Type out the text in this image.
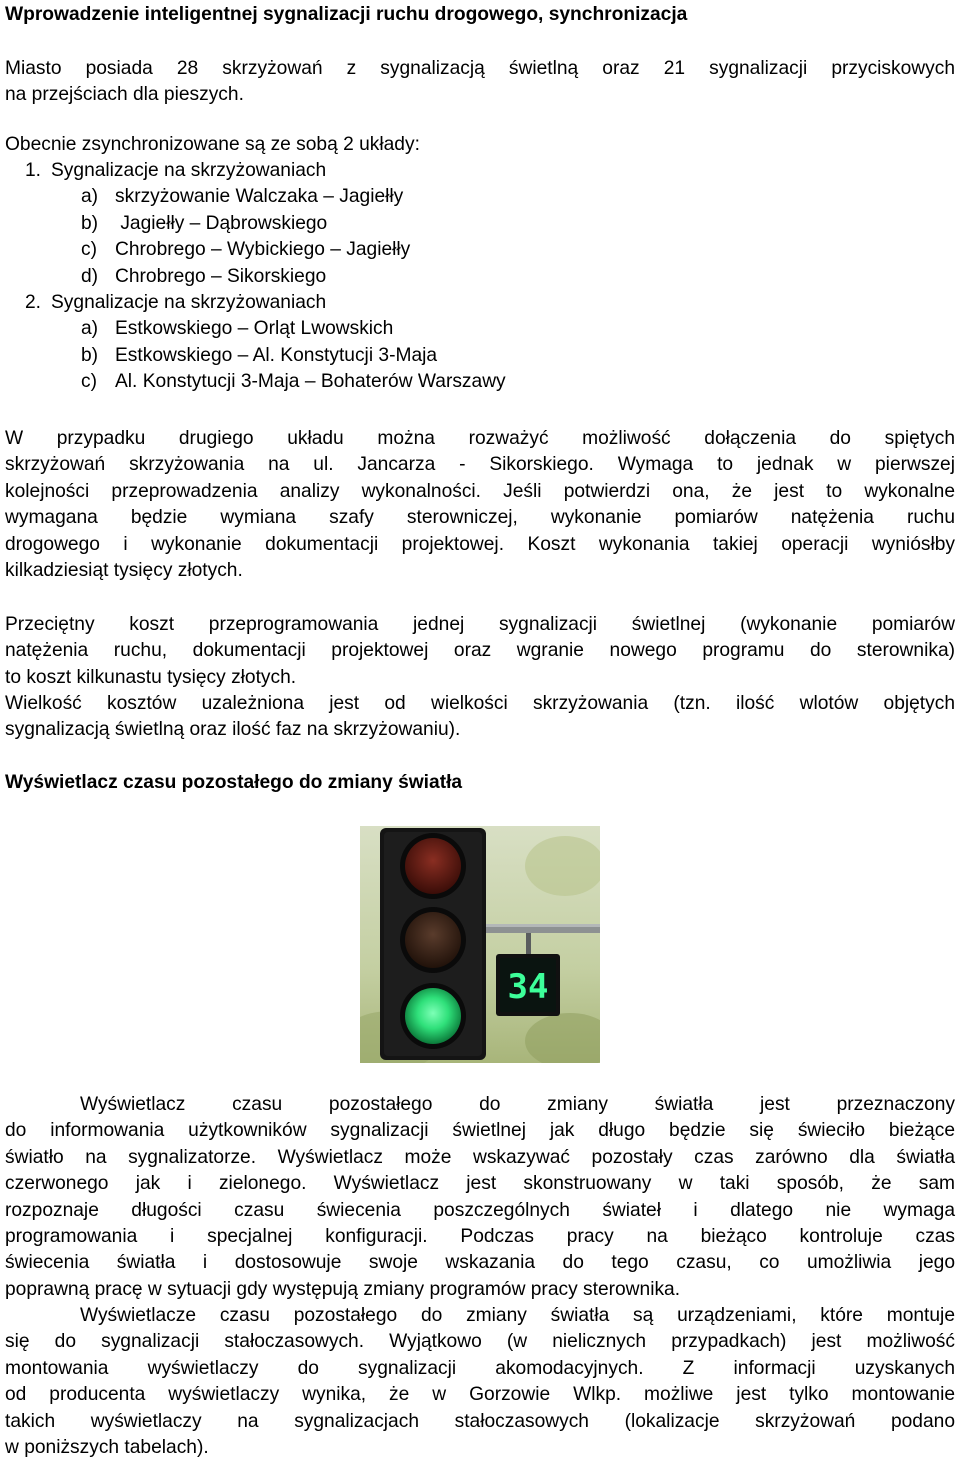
Wprowadzenie inteligentnej sygnalizacji ruchu drogowego, synchronizacja
Miasto posiada 28 skrzyżowań z sygnalizacją świetlną oraz 21 sygnalizacji przyciskowych
na przejściach dla pieszych.
Obecnie zsynchronizowane są ze sobą 2 układy:
1. Sygnalizacje na skrzyżowaniach
a) skrzyżowanie Walczaka – Jagiełły
b) Jagiełły – Dąbrowskiego
c) Chrobrego – Wybickiego – Jagiełły
d) Chrobrego – Sikorskiego
2. Sygnalizacje na skrzyżowaniach
a) Estkowskiego – Orląt Lwowskich
b) Estkowskiego – Al. Konstytucji 3-Maja
c) Al. Konstytucji 3-Maja – Bohaterów Warszawy
W przypadku drugiego układu można rozważyć możliwość dołączenia do spiętych
skrzyżowań skrzyżowania na ul. Jancarza - Sikorskiego. Wymaga to jednak w pierwszej
kolejności przeprowadzenia analizy wykonalności. Jeśli potwierdzi ona, że jest to wykonalne
wymagana będzie wymiana szafy sterowniczej, wykonanie pomiarów natężenia ruchu
drogowego i wykonanie dokumentacji projektowej. Koszt wykonania takiej operacji wyniósłby
kilkadziesiąt tysięcy złotych.
Przeciętny koszt przeprogramowania jednej sygnalizacji świetlnej (wykonanie pomiarów
natężenia ruchu, dokumentacji projektowej oraz wgranie nowego programu do sterownika)
to koszt kilkunastu tysięcy złotych.
Wielkość kosztów uzależniona jest od wielkości skrzyżowania (tzn. ilość wlotów objętych
sygnalizacją świetlną oraz ilość faz na skrzyżowaniu).
Wyświetlacz czasu pozostałego do zmiany światła
34
Wyświetlacz czasu pozostałego do zmiany światła jest przeznaczony
do informowania użytkowników sygnalizacji świetlnej jak długo będzie się świeciło bieżące
światło na sygnalizatorze. Wyświetlacz może wskazywać pozostały czas zarówno dla światła
czerwonego jak i zielonego. Wyświetlacz jest skonstruowany w taki sposób, że sam
rozpoznaje długości czasu świecenia poszczególnych świateł i dlatego nie wymaga
programowania i specjalnej konfiguracji. Podczas pracy na bieżąco kontroluje czas
świecenia światła i dostosowuje swoje wskazania do tego czasu, co umożliwia jego
poprawną pracę w sytuacji gdy występują zmiany programów pracy sterownika.
Wyświetlacze czasu pozostałego do zmiany światła są urządzeniami, które montuje
się do sygnalizacji stałoczasowych. Wyjątkowo (w nielicznych przypadkach) jest możliwość
montowania wyświetlaczy do sygnalizacji akomodacyjnych. Z informacji uzyskanych
od producenta wyświetlaczy wynika, że w Gorzowie Wlkp. możliwe jest tylko montowanie
takich wyświetlaczy na sygnalizacjach stałoczasowych (lokalizacje skrzyżowań podano
w poniższych tabelach).
